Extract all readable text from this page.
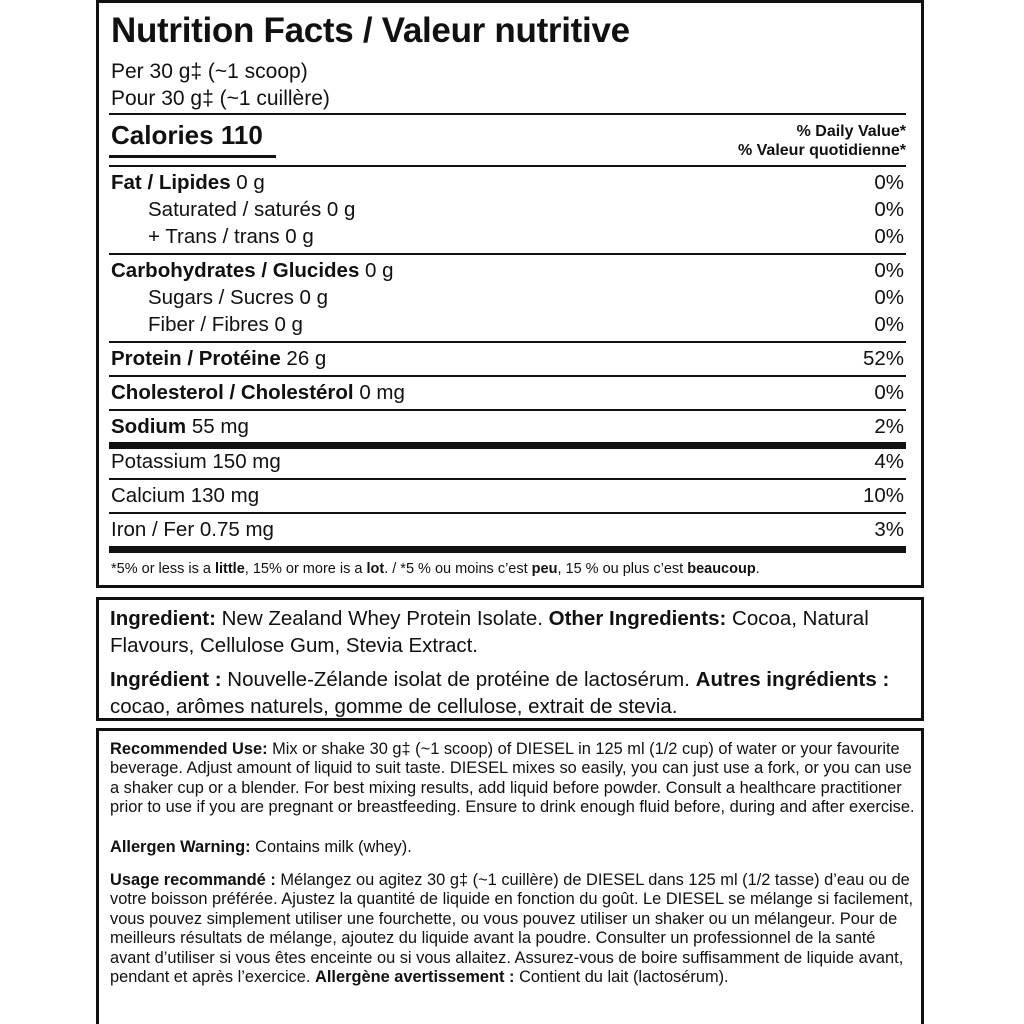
Nutrition Facts / Valeur nutritive
Per 30 g‡ (~1 scoop)
Pour 30 g‡ (~1 cuillère)
Calories 110	% Daily Value*
% Valeur quotidienne*
Fat / Lipides 0 g	0%
Saturated / saturés 0 g	0%
+ Trans / trans 0 g	0%
Carbohydrates / Glucides 0 g	0%
Sugars / Sucres 0 g	0%
Fiber / Fibres 0 g	0%
Protein / Protéine 26 g	52%
Cholesterol / Cholestérol 0 mg	0%
Sodium 55 mg	2%
Potassium 150 mg	4%
Calcium 130 mg	10%
Iron / Fer 0.75 mg	3%
*5% or less is a little, 15% or more is a lot. / *5 % ou moins c’est peu, 15 % ou plus c’est beaucoup.
Ingredient: New Zealand Whey Protein Isolate. Other Ingredients: Cocoa, Natural Flavours, Cellulose Gum, Stevia Extract.
Ingrédient : Nouvelle-Zélande isolat de protéine de lactosérum. Autres ingrédients : cocao, arômes naturels, gomme de cellulose, extrait de stevia.
Recommended Use: Mix or shake 30 g‡ (~1 scoop) of DIESEL in 125 ml (1/2 cup) of water or your favourite beverage. Adjust amount of liquid to suit taste. DIESEL mixes so easily, you can just use a fork, or you can use a shaker cup or a blender. For best mixing results, add liquid before powder. Consult a healthcare practitioner prior to use if you are pregnant or breastfeeding. Ensure to drink enough fluid before, during and after exercise.
Allergen Warning: Contains milk (whey).
Usage recommandé : Mélangez ou agitez 30 g‡ (~1 cuillère) de DIESEL dans 125 ml (1/2 tasse) d’eau ou de votre boisson préférée. Ajustez la quantité de liquide en fonction du goût. Le DIESEL se mélange si facilement, vous pouvez simplement utiliser une fourchette, ou vous pouvez utiliser un shaker ou un mélangeur. Pour de meilleurs résultats de mélange, ajoutez du liquide avant la poudre. Consulter un professionnel de la santé avant d’utiliser si vous êtes enceinte ou si vous allaitez. Assurez-vous de boire suffisamment de liquide avant, pendant et après l’exercice. Allergène avertissement : Contient du lait (lactosérum).
